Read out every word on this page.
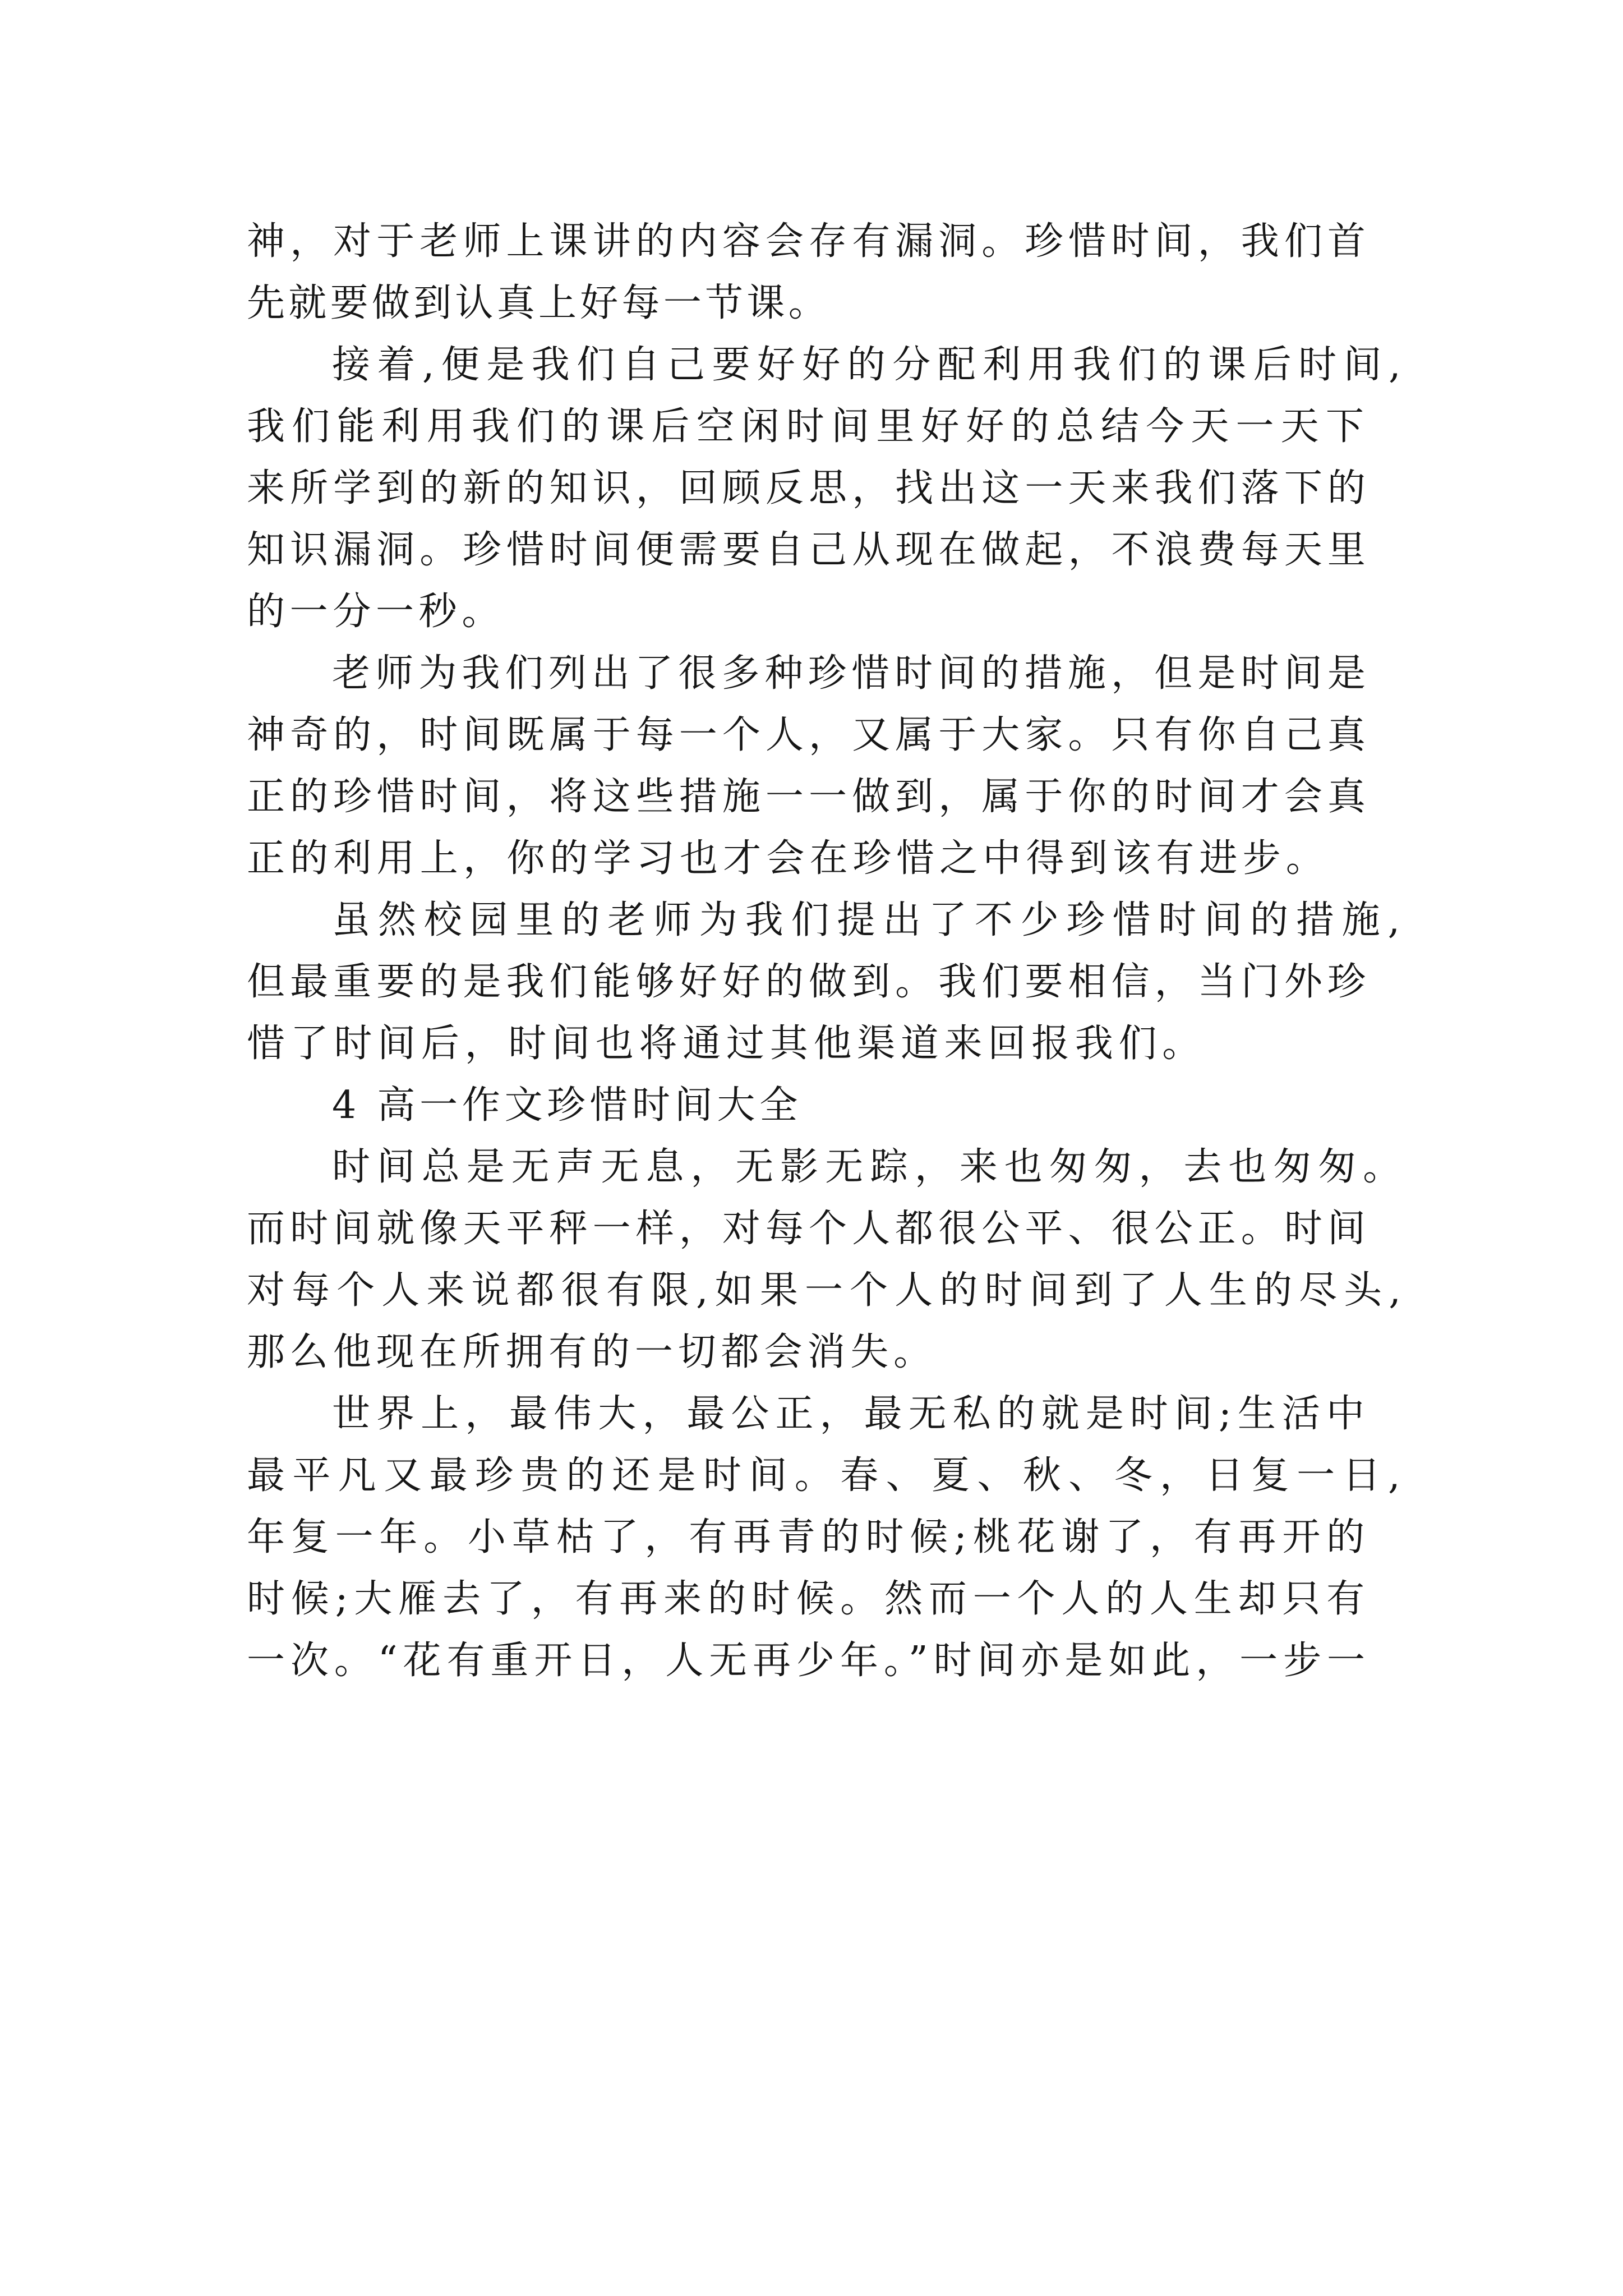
神，对于老师上课讲的内容会存有漏洞。珍惜时间，我们首
先就要做到认真上好每一节课。
接着,便是我们自己要好好的分配利用我们的课后时间,
我们能利用我们的课后空闲时间里好好的总结今天一天下
来所学到的新的知识，回顾反思，找出这一天来我们落下的
知识漏洞。珍惜时间便需要自己从现在做起，不浪费每天里
的一分一秒。
老师为我们列出了很多种珍惜时间的措施，但是时间是
神奇的，时间既属于每一个人，又属于大家。只有你自己真
正的珍惜时间，将这些措施一一做到，属于你的时间才会真
正的利用上，你的学习也才会在珍惜之中得到该有进步。
虽然校园里的老师为我们提出了不少珍惜时间的措施,
但最重要的是我们能够好好的做到。我们要相信，当门外珍
惜了时间后，时间也将通过其他渠道来回报我们。
4 高一作文珍惜时间大全
时间总是无声无息，无影无踪，来也匆匆，去也匆匆。
而时间就像天平秤一样，对每个人都很公平、很公正。时间
对每个人来说都很有限,如果一个人的时间到了人生的尽头,
那么他现在所拥有的一切都会消失。
世界上，最伟大，最公正，最无私的就是时间;生活中
最平凡又最珍贵的还是时间。春、夏、秋、冬，日复一日,
年复一年。小草枯了，有再青的时候;桃花谢了，有再开的
时候;大雁去了，有再来的时候。然而一个人的人生却只有
一次。“花有重开日，人无再少年。”时间亦是如此，一步一
